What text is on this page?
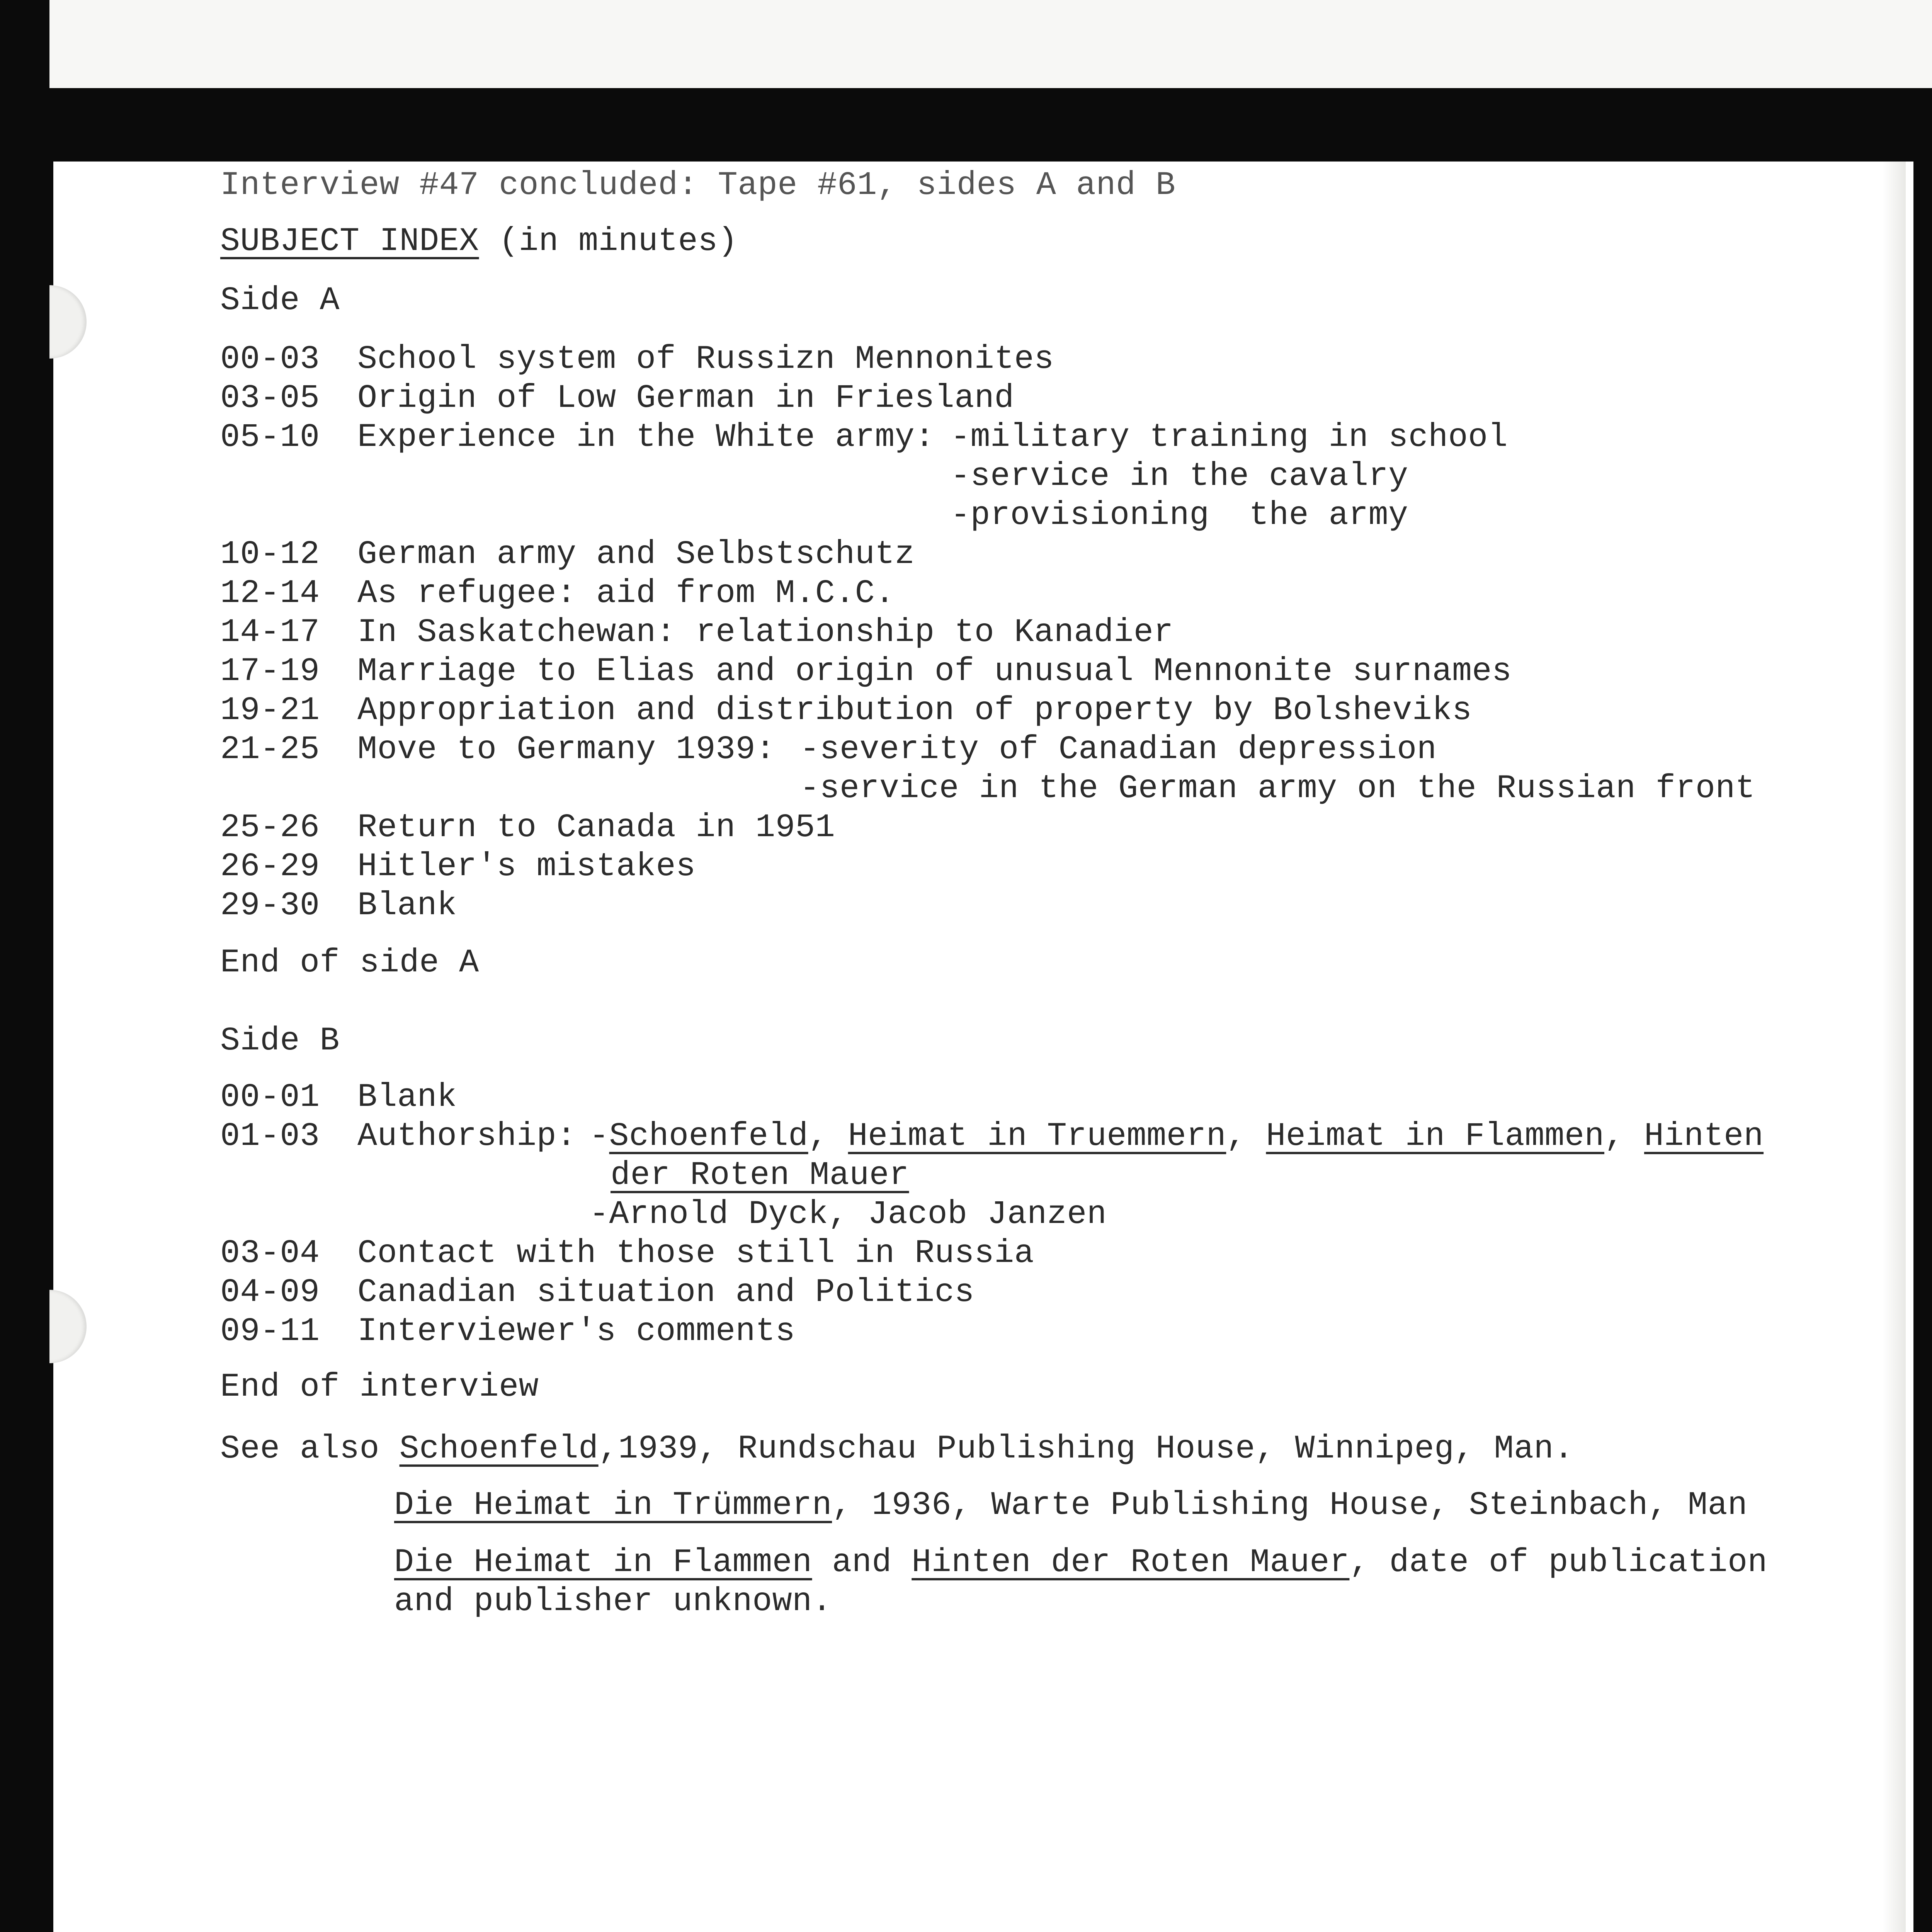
Interview #47 concluded: Tape #61, sides A and B
SUBJECT INDEX (in minutes)
Side A
00-03 School system of Russizn Mennonites
03-05 Origin of Low German in Friesland
05-10 Experience in the White army: -military training in school
-service in the cavalry
-provisioning  the army
10-12 German army and Selbstschutz
12-14 As refugee: aid from M.C.C.
14-17 In Saskatchewan: relationship to Kanadier
17-19 Marriage to Elias and origin of unusual Mennonite surnames
19-21 Appropriation and distribution of property by Bolsheviks
21-25 Move to Germany 1939: -severity of Canadian depression
-service in the German army on the Russian front
25-26 Return to Canada in 1951
26-29 Hitler's mistakes
29-30 Blank
End of side A
Side B
00-01 Blank
01-03 Authorship: -Schoenfeld, Heimat in Truemmern, Heimat in Flammen, Hinten
der Roten Mauer
-Arnold Dyck, Jacob Janzen
03-04 Contact with those still in Russia
04-09 Canadian situation and Politics
09-11 Interviewer's comments
End of interview
See also Schoenfeld,1939, Rundschau Publishing House, Winnipeg, Man.
Die Heimat in Trümmern, 1936, Warte Publishing House, Steinbach, Man
Die Heimat in Flammen and Hinten der Roten Mauer, date of publication
and publisher unknown.
